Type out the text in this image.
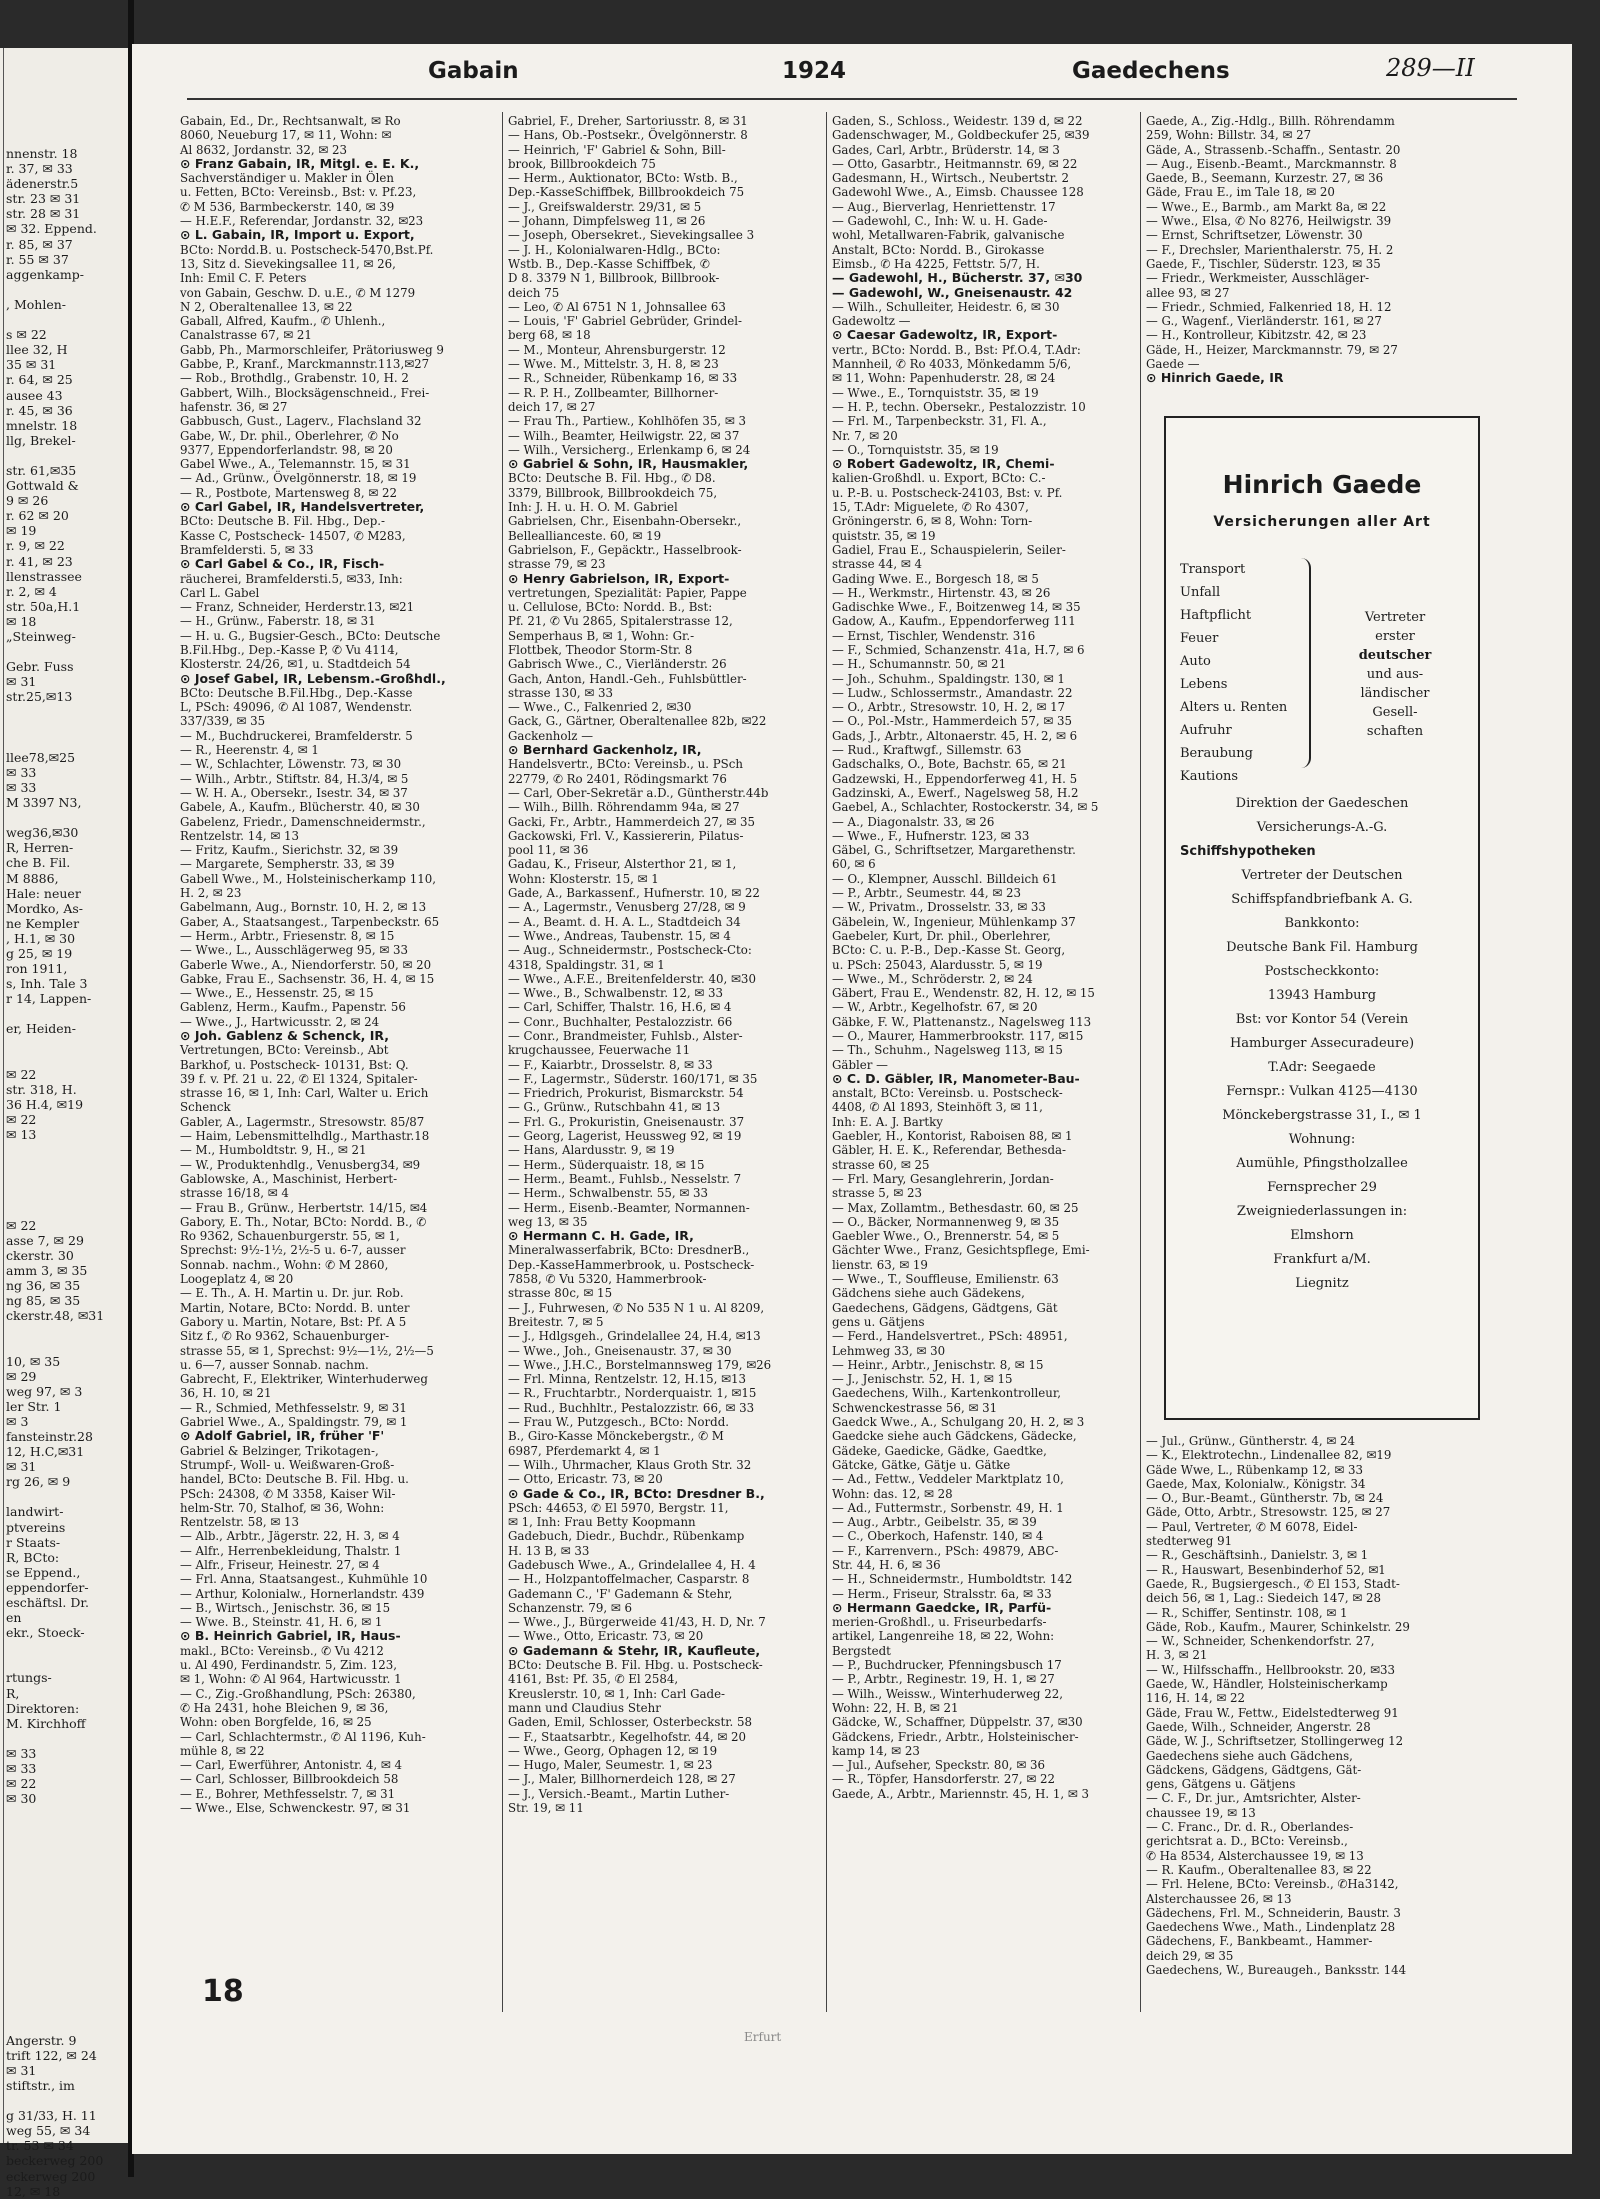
nnenstr. 18
r. 37, ✉ 33
ädenerstr.5
str. 23 ✉ 31
str. 28 ✉ 31
✉ 32. Eppend.
r. 85, ✉ 37
r. 55 ✉ 37
aggenkamp-
, Mohlen-
s ✉ 22
llee 32, H
35 ✉ 31
r. 64, ✉ 25
ausee 43
r. 45, ✉ 36
mnelstr. 18
llg, Brekel-
str. 61,✉35
Gottwald &
9 ✉ 26
r. 62 ✉ 20
✉ 19
r. 9, ✉ 22
r. 41, ✉ 23
llenstrassee
r. 2, ✉ 4
str. 50a,H.1
✉ 18
„Steinweg-
Gebr. Fuss
✉ 31
str.25,✉13
llee78,✉25
✉ 33
✉ 33
M 3397 N3,
weg36,✉30
R, Herren-
che B. Fil.
M 8886,
Hale: neuer
Mordko, As-
ne Kempler
, H.1, ✉ 30
g 25, ✉ 19
ron 1911,
s, Inh. Tale 3
r 14, Lappen-
er, Heiden-
✉ 22
str. 318, H.
36 H.4, ✉19
✉ 22
✉ 13
✉ 22
asse 7, ✉ 29
ckerstr. 30
amm 3, ✉ 35
ng 36, ✉ 35
ng 85, ✉ 35
ckerstr.48, ✉31
10, ✉ 35
✉ 29
weg 97, ✉ 3
ler Str. 1
✉ 3
fansteinstr.28
12, H.C,✉31
✉ 31
rg 26, ✉ 9
landwirt-
ptvereins
r Staats-
R, BCto:
se Eppend.,
eppendorfer-
eschäftsl. Dr.
en
ekr., Stoeck-
rtungs-
R,
Direktoren:
M. Kirchhoff
✉ 33
✉ 33
✉ 22
✉ 30
Angerstr. 9
trift 122, ✉ 24
✉ 31
stiftstr., im
g 31/33, H. 11
weg 55, ✉ 34
tr. 53 ✉ 34
beckerweg 200
eckerweg 200
12, ✉ 18
Gabain	1924	Gaedechens	289—II
Gabain, Ed., Dr., Rechtsanwalt, ✉ Ro
8060, Neueburg 17, ✉ 11, Wohn: ✉
Al 8632, Jordanstr. 32, ✉ 23
⊙ Franz Gabain, IR, Mitgl. e. E. K.,
Sachverständiger u. Makler in Ölen
u. Fetten, BCto: Vereinsb., Bst: v. Pf.23,
✆ M 536, Barmbeckerstr. 140, ✉ 39
— H.E.F., Referendar, Jordanstr. 32, ✉23
⊙ L. Gabain, IR, Import u. Export,
BCto: Nordd.B. u. Postscheck-5470,Bst.Pf.
13, Sitz d. Sievekingsallee 11, ✉ 26,
Inh: Emil C. F. Peters
von Gabain, Geschw. D. u.E., ✆ M 1279
N 2, Oberaltenallee 13, ✉ 22
Gaball, Alfred, Kaufm., ✆ Uhlenh.,
Canalstrasse 67, ✉ 21
Gabb, Ph., Marmorschleifer, Prätoriusweg 9
Gabbe, P., Kranf., Marckmannstr.113,✉27
— Rob., Brothdlg., Grabenstr. 10, H. 2
Gabbert, Wilh., Blocksägenschneid., Frei-
hafenstr. 36, ✉ 27
Gabbusch, Gust., Lagerv., Flachsland 32
Gabe, W., Dr. phil., Oberlehrer, ✆ No
9377, Eppendorferlandstr. 98, ✉ 20
Gabel Wwe., A., Telemannstr. 15, ✉ 31
— Ad., Grünw., Övelgönnerstr. 18, ✉ 19
— R., Postbote, Martensweg 8, ✉ 22
⊙ Carl Gabel, IR, Handelsvertreter,
BCto: Deutsche B. Fil. Hbg., Dep.-
Kasse C, Postscheck- 14507, ✆ M283,
Bramfeldersti. 5, ✉ 33
⊙ Carl Gabel & Co., IR, Fisch-
räucherei, Bramfeldersti.5, ✉33, Inh:
Carl L. Gabel
— Franz, Schneider, Herderstr.13, ✉21
— H., Grünw., Faberstr. 18, ✉ 31
— H. u. G., Bugsier-Gesch., BCto: Deutsche
B.Fil.Hbg., Dep.-Kasse P, ✆ Vu 4114,
Klosterstr. 24/26, ✉1, u. Stadtdeich 54
⊙ Josef Gabel, IR, Lebensm.-Großhdl.,
BCto: Deutsche B.Fil.Hbg., Dep.-Kasse
L, PSch: 49096, ✆ Al 1087, Wendenstr.
337/339, ✉ 35
— M., Buchdruckerei, Bramfelderstr. 5
— R., Heerenstr. 4, ✉ 1
— W., Schlachter, Löwenstr. 73, ✉ 30
— Wilh., Arbtr., Stiftstr. 84, H.3/4, ✉ 5
— W. H. A., Obersekr., Isestr. 34, ✉ 37
Gabele, A., Kaufm., Blücherstr. 40, ✉ 30
Gabelenz, Friedr., Damenschneidermstr.,
Rentzelstr. 14, ✉ 13
— Fritz, Kaufm., Sierichstr. 32, ✉ 39
— Margarete, Sempherstr. 33, ✉ 39
Gabell Wwe., M., Holsteinischerkamp 110,
H. 2, ✉ 23
Gabelmann, Aug., Bornstr. 10, H. 2, ✉ 13
Gaber, A., Staatsangest., Tarpenbeckstr. 65
— Herm., Arbtr., Friesenstr. 8, ✉ 15
— Wwe., L., Ausschlägerweg 95, ✉ 33
Gaberle Wwe., A., Niendorferstr. 50, ✉ 20
Gabke, Frau E., Sachsenstr. 36, H. 4, ✉ 15
— Wwe., E., Hessenstr. 25, ✉ 15
Gablenz, Herm., Kaufm., Papenstr. 56
— Wwe., J., Hartwicusstr. 2, ✉ 24
⊙ Joh. Gablenz & Schenck, IR,
Vertretungen, BCto: Vereinsb., Abt
Barkhof, u. Postscheck- 10131, Bst: Q.
39 f. v. Pf. 21 u. 22, ✆ El 1324, Spitaler-
strasse 16, ✉ 1, Inh: Carl, Walter u. Erich
Schenck
Gabler, A., Lagermstr., Stresowstr. 85/87
— Haim, Lebensmittelhdlg., Marthastr.18
— M., Humboldtstr. 9, H., ✉ 21
— W., Produktenhdlg., Venusberg34, ✉9
Gablowske, A., Maschinist, Herbert-
strasse 16/18, ✉ 4
— Frau B., Grünw., Herbertstr. 14/15, ✉4
Gabory, E. Th., Notar, BCto: Nordd. B., ✆
Ro 9362, Schauenburgerstr. 55, ✉ 1,
Sprechst: 9½-1½, 2½-5 u. 6-7, ausser
Sonnab. nachm., Wohn: ✆ M 2860,
Loogeplatz 4, ✉ 20
— E. Th., A. H. Martin u. Dr. jur. Rob.
Martin, Notare, BCto: Nordd. B. unter
Gabory u. Martin, Notare, Bst: Pf. A 5
Sitz f., ✆ Ro 9362, Schauenburger-
strasse 55, ✉ 1, Sprechst: 9½—1½, 2½—5
u. 6—7, ausser Sonnab. nachm.
Gabrecht, F., Elektriker, Winterhuderweg
36, H. 10, ✉ 21
— R., Schmied, Methfesselstr. 9, ✉ 31
Gabriel Wwe., A., Spaldingstr. 79, ✉ 1
⊙ Adolf Gabriel, IR, früher 'F'
Gabriel & Belzinger, Trikotagen-,
Strumpf-, Woll- u. Weißwaren-Groß-
handel, BCto: Deutsche B. Fil. Hbg. u.
PSch: 24308, ✆ M 3358, Kaiser Wil-
helm-Str. 70, Stalhof, ✉ 36, Wohn:
Rentzelstr. 58, ✉ 13
— Alb., Arbtr., Jägerstr. 22, H. 3, ✉ 4
— Alfr., Herrenbekleidung, Thalstr. 1
— Alfr., Friseur, Heinestr. 27, ✉ 4
— Frl. Anna, Staatsangest., Kuhmühle 10
— Arthur, Kolonialw., Hornerlandstr. 439
— B., Wirtsch., Jenischstr. 36, ✉ 15
— Wwe. B., Steinstr. 41, H. 6, ✉ 1
⊙ B. Heinrich Gabriel, IR, Haus-
makl., BCto: Vereinsb., ✆ Vu 4212
u. Al 490, Ferdinandstr. 5, Zim. 123,
✉ 1, Wohn: ✆ Al 964, Hartwicusstr. 1
— C., Zig.-Großhandlung, PSch: 26380,
✆ Ha 2431, hohe Bleichen 9, ✉ 36,
Wohn: oben Borgfelde, 16, ✉ 25
— Carl, Schlachtermstr., ✆ Al 1196, Kuh-
mühle 8, ✉ 22
— Carl, Ewerführer, Antonistr. 4, ✉ 4
— Carl, Schlosser, Billbrookdeich 58
— E., Bohrer, Methfesselstr. 7, ✉ 31
— Wwe., Else, Schwenckestr. 97, ✉ 31
Gabriel, F., Dreher, Sartoriusstr. 8, ✉ 31
— Hans, Ob.-Postsekr., Övelgönnerstr. 8
— Heinrich, 'F' Gabriel & Sohn, Bill-
brook, Billbrookdeich 75
— Herm., Auktionator, BCto: Wstb. B.,
Dep.-KasseSchiffbek, Billbrookdeich 75
— J., Greifswalderstr. 29/31, ✉ 5
— Johann, Dimpfelsweg 11, ✉ 26
— Joseph, Obersekret., Sievekingsallee 3
— J. H., Kolonialwaren-Hdlg., BCto:
Wstb. B., Dep.-Kasse Schiffbek, ✆
D 8. 3379 N 1, Billbrook, Billbrook-
deich 75
— Leo, ✆ Al 6751 N 1, Johnsallee 63
— Louis, 'F' Gabriel Gebrüder, Grindel-
berg 68, ✉ 18
— M., Monteur, Ahrensburgerstr. 12
— Wwe. M., Mittelstr. 3, H. 8, ✉ 23
— R., Schneider, Rübenkamp 16, ✉ 33
— R. P. H., Zollbeamter, Billhorner-
deich 17, ✉ 27
— Frau Th., Partiew., Kohlhöfen 35, ✉ 3
— Wilh., Beamter, Heilwigstr. 22, ✉ 37
— Wilh., Versicherg., Erlenkamp 6, ✉ 24
⊙ Gabriel & Sohn, IR, Hausmakler,
BCto: Deutsche B. Fil. Hbg., ✆ D8.
3379, Billbrook, Billbrookdeich 75,
Inh: J. H. u. H. O. M. Gabriel
Gabrielsen, Chr., Eisenbahn-Obersekr.,
Belleallianceste. 60, ✉ 19
Gabrielson, F., Gepäcktr., Hasselbrook-
strasse 79, ✉ 23
⊙ Henry Gabrielson, IR, Export-
vertretungen, Spezialität: Papier, Pappe
u. Cellulose, BCto: Nordd. B., Bst:
Pf. 21, ✆ Vu 2865, Spitalerstrasse 12,
Semperhaus B, ✉ 1, Wohn: Gr.-
Flottbek, Theodor Storm-Str. 8
Gabrisch Wwe., C., Vierländerstr. 26
Gach, Anton, Handl.-Geh., Fuhlsbüttler-
strasse 130, ✉ 33
— Wwe., C., Falkenried 2, ✉30
Gack, G., Gärtner, Oberaltenallee 82b, ✉22
Gackenholz —
⊙ Bernhard Gackenholz, IR,
Handelsvertr., BCto: Vereinsb., u. PSch
22779, ✆ Ro 2401, Rödingsmarkt 76
— Carl, Ober-Sekretär a.D., Güntherstr.44b
— Wilh., Billh. Röhrendamm 94a, ✉ 27
Gacki, Fr., Arbtr., Hammerdeich 27, ✉ 35
Gackowski, Frl. V., Kassiererin, Pilatus-
pool 11, ✉ 36
Gadau, K., Friseur, Alsterthor 21, ✉ 1,
Wohn: Klosterstr. 15, ✉ 1
Gade, A., Barkassenf., Hufnerstr. 10, ✉ 22
— A., Lagermstr., Venusberg 27/28, ✉ 9
— A., Beamt. d. H. A. L., Stadtdeich 34
— Wwe., Andreas, Taubenstr. 15, ✉ 4
— Aug., Schneidermstr., Postscheck-Cto:
4318, Spaldingstr. 31, ✉ 1
— Wwe., A.F.E., Breitenfelderstr. 40, ✉30
— Wwe., B., Schwalbenstr. 12, ✉ 33
— Carl, Schiffer, Thalstr. 16, H.6, ✉ 4
— Conr., Buchhalter, Pestalozzistr. 66
— Conr., Brandmeister, Fuhlsb., Alster-
krugchaussee, Feuerwache 11
— F., Kaiarbtr., Drosselstr. 8, ✉ 33
— F., Lagermstr., Süderstr. 160/171, ✉ 35
— Friedrich, Prokurist, Bismarckstr. 54
— G., Grünw., Rutschbahn 41, ✉ 13
— Frl. G., Prokuristin, Gneisenaustr. 37
— Georg, Lagerist, Heussweg 92, ✉ 19
— Hans, Alardusstr. 9, ✉ 19
— Herm., Süderquaistr. 18, ✉ 15
— Herm., Beamt., Fuhlsb., Nesselstr. 7
— Herm., Schwalbenstr. 55, ✉ 33
— Herm., Eisenb.-Beamter, Normannen-
weg 13, ✉ 35
⊙ Hermann C. H. Gade, IR,
Mineralwasserfabrik, BCto: DresdnerB.,
Dep.-KasseHammerbrook, u. Postscheck-
7858, ✆ Vu 5320, Hammerbrook-
strasse 80c, ✉ 15
— J., Fuhrwesen, ✆ No 535 N 1 u. Al 8209,
Breitestr. 7, ✉ 5
— J., Hdlgsgeh., Grindelallee 24, H.4, ✉13
— Wwe., Joh., Gneisenaustr. 37, ✉ 30
— Wwe., J.H.C., Borstelmannsweg 179, ✉26
— Frl. Minna, Rentzelstr. 12, H.15, ✉13
— R., Fruchtarbtr., Norderquaistr. 1, ✉15
— Rud., Buchhltr., Pestalozzistr. 66, ✉ 33
— Frau W., Putzgesch., BCto: Nordd.
B., Giro-Kasse Mönckebergstr., ✆ M
6987, Pferdemarkt 4, ✉ 1
— Wilh., Uhrmacher, Klaus Groth Str. 32
— Otto, Ericastr. 73, ✉ 20
⊙ Gade & Co., IR, BCto: Dresdner B.,
PSch: 44653, ✆ El 5970, Bergstr. 11,
✉ 1, Inh: Frau Betty Koopmann
Gadebuch, Diedr., Buchdr., Rübenkamp
H. 13 B, ✉ 33
Gadebusch Wwe., A., Grindelallee 4, H. 4
— H., Holzpantoffelmacher, Casparstr. 8
Gademann C., 'F' Gademann & Stehr,
Schanzenstr. 79, ✉ 6
— Wwe., J., Bürgerweide 41/43, H. D, Nr. 7
— Wwe., Otto, Ericastr. 73, ✉ 20
⊙ Gademann & Stehr, IR, Kaufleute,
BCto: Deutsche B. Fil. Hbg. u. Postscheck-
4161, Bst: Pf. 35, ✆ El 2584,
Kreuslerstr. 10, ✉ 1, Inh: Carl Gade-
mann und Claudius Stehr
Gaden, Emil, Schlosser, Osterbeckstr. 58
— F., Staatsarbtr., Kegelhofstr. 44, ✉ 20
— Wwe., Georg, Ophagen 12, ✉ 19
— Hugo, Maler, Seumestr. 1, ✉ 23
— J., Maler, Billhornerdeich 128, ✉ 27
— J., Versich.-Beamt., Martin Luther-
Str. 19, ✉ 11
Gaden, S., Schloss., Weidestr. 139 d, ✉ 22
Gadenschwager, M., Goldbeckufer 25, ✉39
Gades, Carl, Arbtr., Brüderstr. 14, ✉ 3
— Otto, Gasarbtr., Heitmannstr. 69, ✉ 22
Gadesmann, H., Wirtsch., Neubertstr. 2
Gadewohl Wwe., A., Eimsb. Chaussee 128
— Aug., Bierverlag, Henriettenstr. 17
— Gadewohl, C., Inh: W. u. H. Gade-
wohl, Metallwaren-Fabrik, galvanische
Anstalt, BCto: Nordd. B., Girokasse
Eimsb., ✆ Ha 4225, Fettstr. 5/7, H.
— Gadewohl, H., Bücherstr. 37, ✉30
— Gadewohl, W., Gneisenaustr. 42
— Wilh., Schulleiter, Heidestr. 6, ✉ 30
Gadewoltz —
⊙ Caesar Gadewoltz, IR, Export-
vertr., BCto: Nordd. B., Bst: Pf.O.4, T.Adr:
Mannheil, ✆ Ro 4033, Mönkedamm 5/6,
✉ 11, Wohn: Papenhuderstr. 28, ✉ 24
— Wwe., E., Tornquiststr. 35, ✉ 19
— H. P., techn. Obersekr., Pestalozzistr. 10
— Frl. M., Tarpenbeckstr. 31, Fl. A.,
Nr. 7, ✉ 20
— O., Tornquiststr. 35, ✉ 19
⊙ Robert Gadewoltz, IR, Chemi-
kalien-Großhdl. u. Export, BCto: C.-
u. P.-B. u. Postscheck-24103, Bst: v. Pf.
15, T.Adr: Miguelete, ✆ Ro 4307,
Gröningerstr. 6, ✉ 8, Wohn: Torn-
quiststr. 35, ✉ 19
Gadiel, Frau E., Schauspielerin, Seiler-
strasse 44, ✉ 4
Gading Wwe. E., Borgesch 18, ✉ 5
— H., Werkmstr., Hirtenstr. 43, ✉ 26
Gadischke Wwe., F., Boitzenweg 14, ✉ 35
Gadow, A., Kaufm., Eppendorferweg 111
— Ernst, Tischler, Wendenstr. 316
— F., Schmied, Schanzenstr. 41a, H.7, ✉ 6
— H., Schumannstr. 50, ✉ 21
— Joh., Schuhm., Spaldingstr. 130, ✉ 1
— Ludw., Schlossermstr., Amandastr. 22
— O., Arbtr., Stresowstr. 10, H. 2, ✉ 17
— O., Pol.-Mstr., Hammerdeich 57, ✉ 35
Gads, J., Arbtr., Altonaerstr. 45, H. 2, ✉ 6
— Rud., Kraftwgf., Sillemstr. 63
Gadschalks, O., Bote, Bachstr. 65, ✉ 21
Gadzewski, H., Eppendorferweg 41, H. 5
Gadzinski, A., Ewerf., Nagelsweg 58, H.2
Gaebel, A., Schlachter, Rostockerstr. 34, ✉ 5
— A., Diagonalstr. 33, ✉ 26
— Wwe., F., Hufnerstr. 123, ✉ 33
Gäbel, G., Schriftsetzer, Margarethenstr.
60, ✉ 6
— O., Klempner, Ausschl. Billdeich 61
— P., Arbtr., Seumestr. 44, ✉ 23
— W., Privatm., Drosselstr. 33, ✉ 33
Gäbelein, W., Ingenieur, Mühlenkamp 37
Gaebeler, Kurt, Dr. phil., Oberlehrer,
BCto: C. u. P.-B., Dep.-Kasse St. Georg,
u. PSch: 25043, Alardusstr. 5, ✉ 19
— Wwe., M., Schröderstr. 2, ✉ 24
Gäbert, Frau E., Wendenstr. 82, H. 12, ✉ 15
— W., Arbtr., Kegelhofstr. 67, ✉ 20
Gäbke, F. W., Plattenanstz., Nagelsweg 113
— O., Maurer, Hammerbrookstr. 117, ✉15
— Th., Schuhm., Nagelsweg 113, ✉ 15
Gäbler —
⊙ C. D. Gäbler, IR, Manometer-Bau-
anstalt, BCto: Vereinsb. u. Postscheck-
4408, ✆ Al 1893, Steinhöft 3, ✉ 11,
Inh: E. A. J. Bartky
Gaebler, H., Kontorist, Raboisen 88, ✉ 1
Gäbler, H. E. K., Referendar, Bethesda-
strasse 60, ✉ 25
— Frl. Mary, Gesanglehrerin, Jordan-
strasse 5, ✉ 23
— Max, Zollamtm., Bethesdastr. 60, ✉ 25
— O., Bäcker, Normannenweg 9, ✉ 35
Gaebler Wwe., O., Brennerstr. 54, ✉ 5
Gächter Wwe., Franz, Gesichtspflege, Emi-
lienstr. 63, ✉ 19
— Wwe., T., Souffleuse, Emilienstr. 63
Gädchens siehe auch Gädekens,
Gaedechens, Gädgens, Gädtgens, Gät
gens u. Gätjens
— Ferd., Handelsvertret., PSch: 48951,
Lehmweg 33, ✉ 30
— Heinr., Arbtr., Jenischstr. 8, ✉ 15
— J., Jenischstr. 52, H. 1, ✉ 15
Gaedechens, Wilh., Kartenkontrolleur,
Schwenckestrasse 56, ✉ 31
Gaedck Wwe., A., Schulgang 20, H. 2, ✉ 3
Gaedcke siehe auch Gädckens, Gädecke,
Gädeke, Gaedicke, Gädke, Gaedtke,
Gätcke, Gätke, Gätje u. Gätke
— Ad., Fettw., Veddeler Marktplatz 10,
Wohn: das. 12, ✉ 28
— Ad., Futtermstr., Sorbenstr. 49, H. 1
— Aug., Arbtr., Geibelstr. 35, ✉ 39
— C., Oberkoch, Hafenstr. 140, ✉ 4
— F., Karrenvern., PSch: 49879, ABC-
Str. 44, H. 6, ✉ 36
— H., Schneidermstr., Humboldtstr. 142
— Herm., Friseur, Stralsstr. 6a, ✉ 33
⊙ Hermann Gaedcke, IR, Parfü-
merien-Großhdl., u. Friseurbedarfs-
artikel, Langenreihe 18, ✉ 22, Wohn:
Bergstedt
— P., Buchdrucker, Pfenningsbusch 17
— P., Arbtr., Reginestr. 19, H. 1, ✉ 27
— Wilh., Weissw., Winterhuderweg 22,
Wohn: 22, H. B, ✉ 21
Gädcke, W., Schaffner, Düppelstr. 37, ✉30
Gädckens, Friedr., Arbtr., Holsteinischer-
kamp 14, ✉ 23
— Jul., Aufseher, Speckstr. 80, ✉ 36
— R., Töpfer, Hansdorferstr. 27, ✉ 22
Gaede, A., Arbtr., Mariennstr. 45, H. 1, ✉ 3
Gaede, A., Zig.-Hdlg., Billh. Röhrendamm
259, Wohn: Billstr. 34, ✉ 27
Gäde, A., Strassenb.-Schaffn., Sentastr. 20
— Aug., Eisenb.-Beamt., Marckmannstr. 8
Gaede, B., Seemann, Kurzestr. 27, ✉ 36
Gäde, Frau E., im Tale 18, ✉ 20
— Wwe., E., Barmb., am Markt 8a, ✉ 22
— Wwe., Elsa, ✆ No 8276, Heilwigstr. 39
— Ernst, Schriftsetzer, Löwenstr. 30
— F., Drechsler, Marienthalerstr. 75, H. 2
Gaede, F., Tischler, Süderstr. 123, ✉ 35
— Friedr., Werkmeister, Ausschläger-
allee 93, ✉ 27
— Friedr., Schmied, Falkenried 18, H. 12
— G., Wagenf., Vierländerstr. 161, ✉ 27
— H., Kontrolleur, Kibitzstr. 42, ✉ 23
Gäde, H., Heizer, Marckmannstr. 79, ✉ 27
Gaede —
⊙ Hinrich Gaede, IR
— Jul., Grünw., Güntherstr. 4, ✉ 24
— K., Elektrotechn., Lindenallee 82, ✉19
Gäde Wwe, L., Rübenkamp 12, ✉ 33
Gaede, Max, Kolonialw., Königstr. 34
— O., Bur.-Beamt., Güntherstr. 7b, ✉ 24
Gäde, Otto, Arbtr., Stresowstr. 125, ✉ 27
— Paul, Vertreter, ✆ M 6078, Eidel-
stedterweg 91
— R., Geschäftsinh., Danielstr. 3, ✉ 1
— R., Hauswart, Besenbinderhof 52, ✉1
Gaede, R., Bugsiergesch., ✆ El 153, Stadt-
deich 56, ✉ 1, Lag.: Siedeich 147, ✉ 28
— R., Schiffer, Sentinstr. 108, ✉ 1
Gäde, Rob., Kaufm., Maurer, Schinkelstr. 29
— W., Schneider, Schenkendorfstr. 27,
H. 3, ✉ 21
— W., Hilfsschaffn., Hellbrookstr. 20, ✉33
Gaede, W., Händler, Holsteinischerkamp
116, H. 14, ✉ 22
Gäde, Frau W., Fettw., Eidelstedterweg 91
Gaede, Wilh., Schneider, Angerstr. 28
Gäde, W. J., Schriftsetzer, Stollingerweg 12
Gaedechens siehe auch Gädchens,
Gädckens, Gädgens, Gädtgens, Gät-
gens, Gätgens u. Gätjens
— C. F., Dr. jur., Amtsrichter, Alster-
chaussee 19, ✉ 13
— C. Franc., Dr. d. R., Oberlandes-
gerichtsrat a. D., BCto: Vereinsb.,
✆ Ha 8534, Alsterchaussee 19, ✉ 13
— R. Kaufm., Oberaltenallee 83, ✉ 22
— Frl. Helene, BCto: Vereinsb., ✆Ha3142,
Alsterchaussee 26, ✉ 13
Gädechens, Frl. M., Schneiderin, Baustr. 3
Gaedechens Wwe., Math., Lindenplatz 28
Gädechens, F., Bankbeamt., Hammer-
deich 29, ✉ 35
Gaedechens, W., Bureaugeh., Banksstr. 144
Hinrich Gaede
Versicherungen aller Art
Transport
Unfall
Haftpflicht
Feuer
Auto
Lebens
Alters u. Renten
Aufruhr
Beraubung
Kautions
Vertreter
erster
deutscher
und aus-
ländischer
Gesell-
schaften
Direktion der Gaedeschen
Versicherungs-A.-G.
Schiffshypotheken
Vertreter der Deutschen
Schiffspfandbriefbank A. G.
Bankkonto:
Deutsche Bank Fil. Hamburg
Postscheckkonto:
13943 Hamburg
Bst: vor Kontor 54 (Verein
Hamburger Assecuradeure)
T.Adr: Seegaede
Fernspr.: Vulkan 4125—4130
Mönckebergstrasse 31, I., ✉ 1
Wohnung:
Aumühle, Pfingstholzallee
Fernsprecher 29
Zweigniederlassungen in:
Elmshorn
Frankfurt a/M.
Liegnitz
18
Erfurt
